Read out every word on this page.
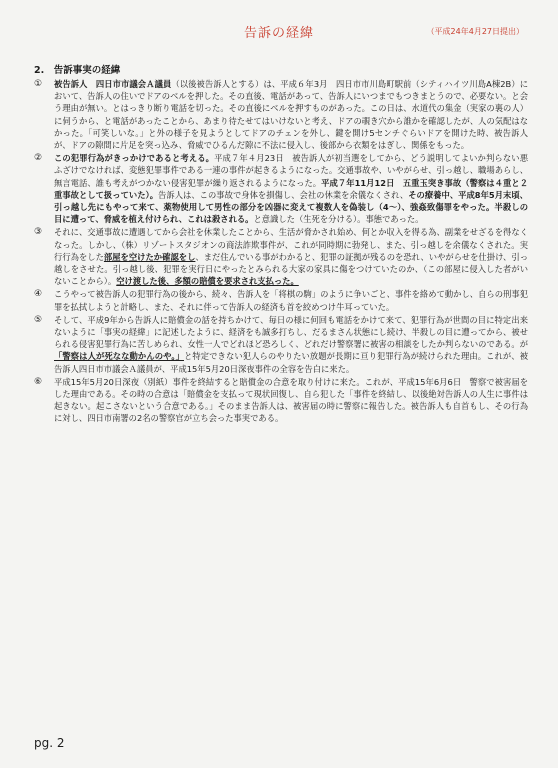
告訴の経緯	（平成24年4月27日提出）
2.　告訴事実の経緯
①	被告訴人　四日市市議会Ａ議員（以後被告訴人とする）は、平成６年3月　四日市市川島町駅前（シティハイツ川島A棟2B）において、告訴人の住いでドアのベルを押した。その直後、電話があって、告訴人にいつまでもつきまとうので、必要ない。と会う理由が無い。とはっきり断り電話を切った。その直後にベルを押すものがあった。この日は、水道代の集金（実家の裏の人）に伺うから、と電話があったことから、あまり待たせてはいけないと考え、ドアの覗き穴から誰かを確認したが、人の気配はなかった。「可笑しいな。」と外の様子を見ようとしてドアのチェンを外し、鍵を開け5センチぐらいドアを開けた時、被告訴人が、ドアの隙間に片足を突っ込み、脅威でひるんだ隙に不法に侵入し、後部から衣類をはぎし、関係をもった。
②	この犯罪行為がきっかけであると考える。平成７年４月23日　被告訴人が初当選をしてから、どう説明してよいか判らない悪ふざけでなければ、変態犯罪事件である一連の事件が起きるようになった。交通事故や、いやがらせ、引っ越し、職場あらし、無言電話、誰も考えがつかない侵害犯罪が繰り返されるようになった。平成７年11月12日　五重玉突き事故（警察は４重と２重事故として扱っていた）。告訴人は、この事故で身体を損傷し、会社の休業を余儀なくされ、その療養中、平成8年5月末頃、引っ越し先にもやって来て、薬物使用して男性の部分を凶器に変えて複数人を偽装し（4～）、強姦致傷罪をやった。半殺しの目に遭って、脅威を植え付けられ、これは殺される。と意識した（生死を分ける）。事態であった。
③	それに、交通事故に遭遇してから会社を休業したことから、生活が脅かされ始め、何とか収入を得る為、副業をせざるを得なくなった。しかし、（株）リゾートスタジオンの商法詐欺事件が、これが同時期に勃発し、また、引っ越しを余儀なくされた。実行行為をした部屋を空けたか確認をし、まだ住んでいる事がわかると、犯罪の証拠が残るのを恐れ、いやがらせを仕掛け、引っ越しをさせた。引っ越し後、犯罪を実行日にやったとみられる大家の家具に傷をつけていたのか、（この部屋に侵入した者がいないことから）。空け渡した後、多額の賠償を要求され支払った。
④	こうやって被告訴人の犯罪行為の後から、続々、告訴人を「将棋の駒」のように争いごと、事件を絡めて動かし、自らの刑事犯罪を払拭しようと計略し、また、それに伴って告訴人の経済も首を絞めつけ牛耳っていた。
⑤	そして、平成9年から告訴人に賠償金の話を持ちかけて、毎日の様に何回も電話をかけて来て、犯罪行為が世間の目に特定出来ないように「事実の経緯」に記述したように、経済をも誠多打ちし、だるまさん状態にし続け、半殺しの目に遭ってから、被せられる侵害犯罪行為に苦しめられ、女性一人でどれほど恐ろしく、どれだけ警察署に被害の相談をしたか判らないのである。が「警察は人が死なな動かんのや。」と特定できない犯人らのやりたい放題が長期に亘り犯罪行為が続けられた理由。これが、被告訴人四日市市議会Ａ議員が、平成15年5月20日深夜事件の全容を告白に来た。
⑥	平成15年5月20日深夜（別紙）事件を終結すると賠償金の合意を取り付けに来た。これが、平成15年6月6日　警察で被害届をした理由である。その時の合意は「賠償金を支払って現状回復し、自ら犯した「事件を終結し、以後絶対告訴人の人生に事件は起きない。起こさないという合意である。」そのまま告訴人は、被害届の時に警察に報告した。被告訴人も自首もし、その行為に対し、四日市南署の2名の警察官が立ち会った事実である。
pg. 2
